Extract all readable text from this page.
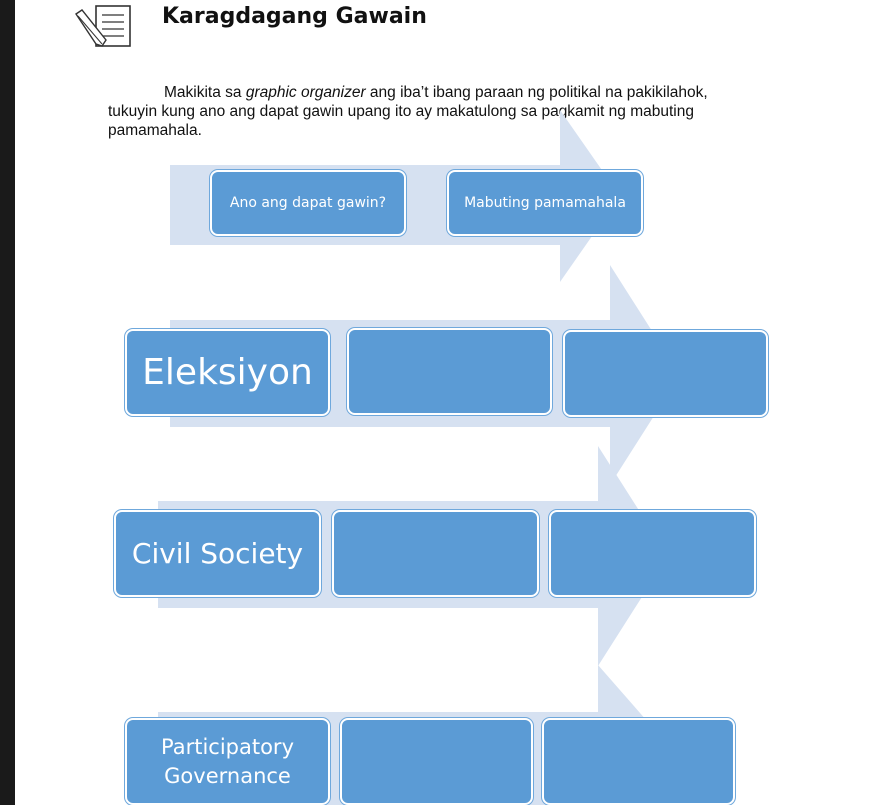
Karagdagang Gawain

Makikita sa graphic organizer ang iba’t ibang paraan ng politikal na pakikilahok,

tukuyin kung ano ang dapat gawin upang ito ay makatulong sa pagkamit ng mabuting

pamamahala.

Ano ang dapat gawin?	Mabuting pamamahala
Eleksiyon
Civil Society
Participatory
Governance
